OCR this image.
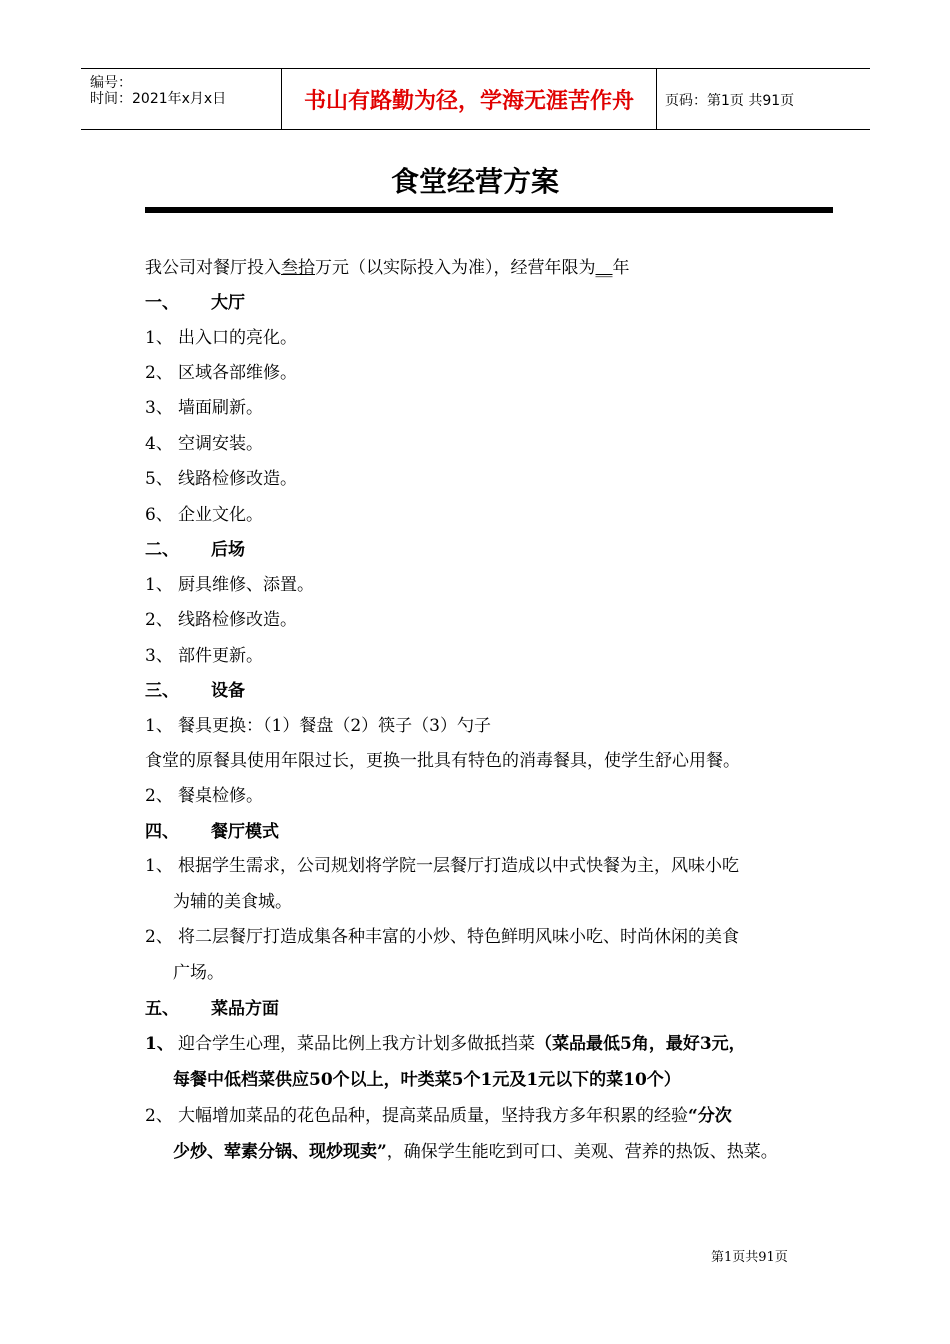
编号：
时间：2021年x月x日	书山有路勤为径，学海无涯苦作舟	页码：第1页 共91页
食堂经营方案
我公司对餐厅投入叁拾万元（以实际投入为准），经营年限为__年
一、 大厅
1、 出入口的亮化。
2、 区域各部维修。
3、 墙面刷新。
4、 空调安装。
5、 线路检修改造。
6、 企业文化。
二、 后场
1、 厨具维修、添置。
2、 线路检修改造。
3、 部件更新。
三、 设备
1、 餐具更换：（1）餐盘（2）筷子（3）勺子
食堂的原餐具使用年限过长，更换一批具有特色的消毒餐具，使学生舒心用餐。
2、 餐桌检修。
四、 餐厅模式
1、 根据学生需求，公司规划将学院一层餐厅打造成以中式快餐为主，风味小吃
为辅的美食城。
2、 将二层餐厅打造成集各种丰富的小炒、特色鲜明风味小吃、时尚休闲的美食
广场。
五、 菜品方面
1、 迎合学生心理，菜品比例上我方计划多做抵挡菜（菜品最低5角，最好3元，
每餐中低档菜供应50个以上，叶类菜5个1元及1元以下的菜10个）
2、 大幅增加菜品的花色品种，提高菜品质量，坚持我方多年积累的经验“分次
少炒、荤素分锅、现炒现卖”，确保学生能吃到可口、美观、营养的热饭、热菜。
第1页共91页
